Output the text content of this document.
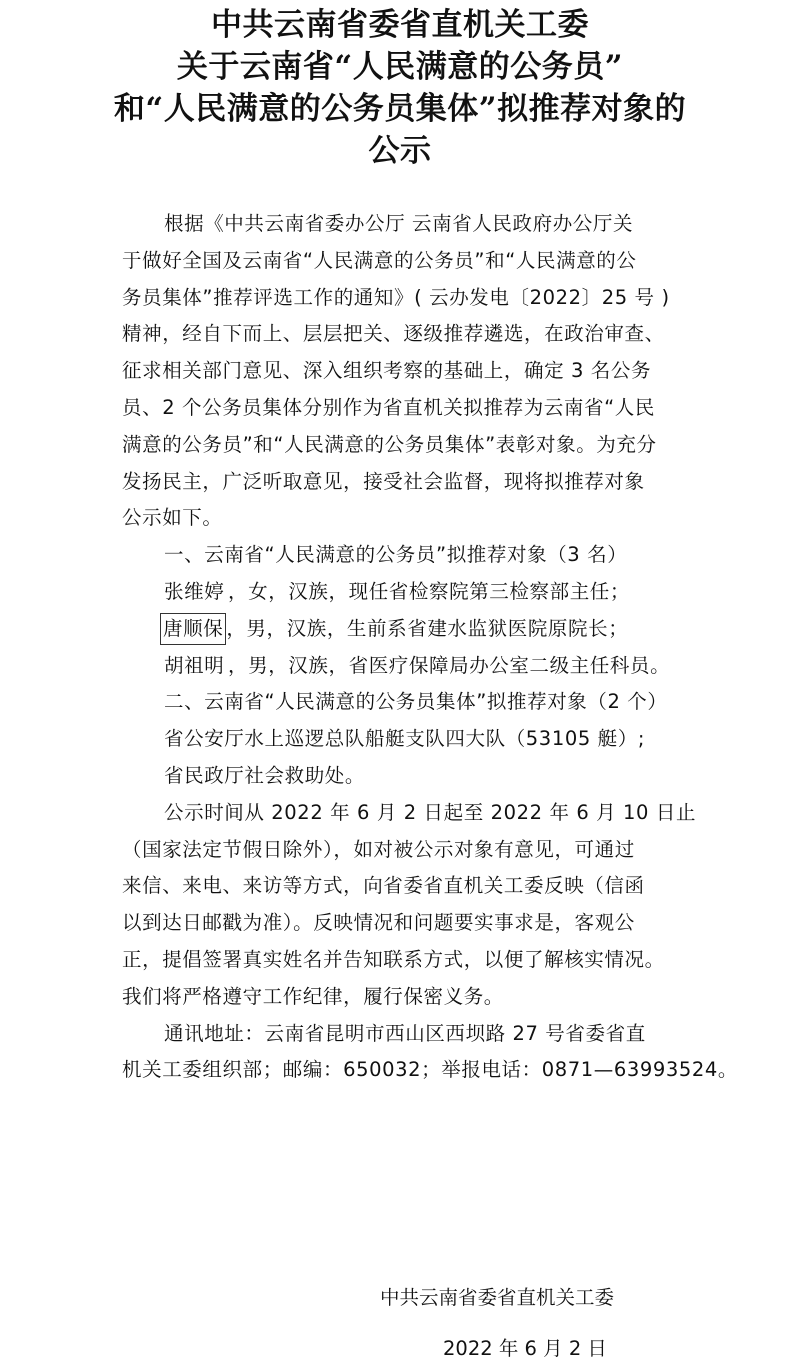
中共云南省委省直机关工委
关于云南省“人民满意的公务员”
和“人民满意的公务员集体”拟推荐对象的
公示
根据《中共云南省委办公厅 云南省人民政府办公厅关
于做好全国及云南省“人民满意的公务员”和“人民满意的公
务员集体”推荐评选工作的通知》( 云办发电〔2022〕25 号 )
精神，经自下而上、层层把关、逐级推荐遴选，在政治审查、
征求相关部门意见、深入组织考察的基础上，确定 3 名公务
员、2 个公务员集体分别作为省直机关拟推荐为云南省“人民
满意的公务员”和“人民满意的公务员集体”表彰对象。为充分
发扬民主，广泛听取意见，接受社会监督，现将拟推荐对象
公示如下。
一、云南省“人民满意的公务员”拟推荐对象（3 名）
张维婷 ，女，汉族，现任省检察院第三检察部主任；
唐顺保 ，男，汉族，生前系省建水监狱医院原院长；
胡祖明 ，男，汉族，省医疗保障局办公室二级主任科员。
二、云南省“人民满意的公务员集体”拟推荐对象（2 个）
省公安厅水上巡逻总队船艇支队四大队（53105 艇）;
省民政厅社会救助处。
公示时间从 2022 年 6 月 2 日起至 2022 年 6 月 10 日止
（国家法定节假日除外），如对被公示对象有意见，可通过
来信、来电、来访等方式，向省委省直机关工委反映（信函
以到达日邮戳为准）。反映情况和问题要实事求是，客观公
正，提倡签署真实姓名并告知联系方式，以便了解核实情况。
我们将严格遵守工作纪律，履行保密义务。
通讯地址：云南省昆明市西山区西坝路 27 号省委省直
机关工委组织部；邮编：650032；举报电话：0871—63993524。
中共云南省委省直机关工委
2022 年 6 月 2 日
